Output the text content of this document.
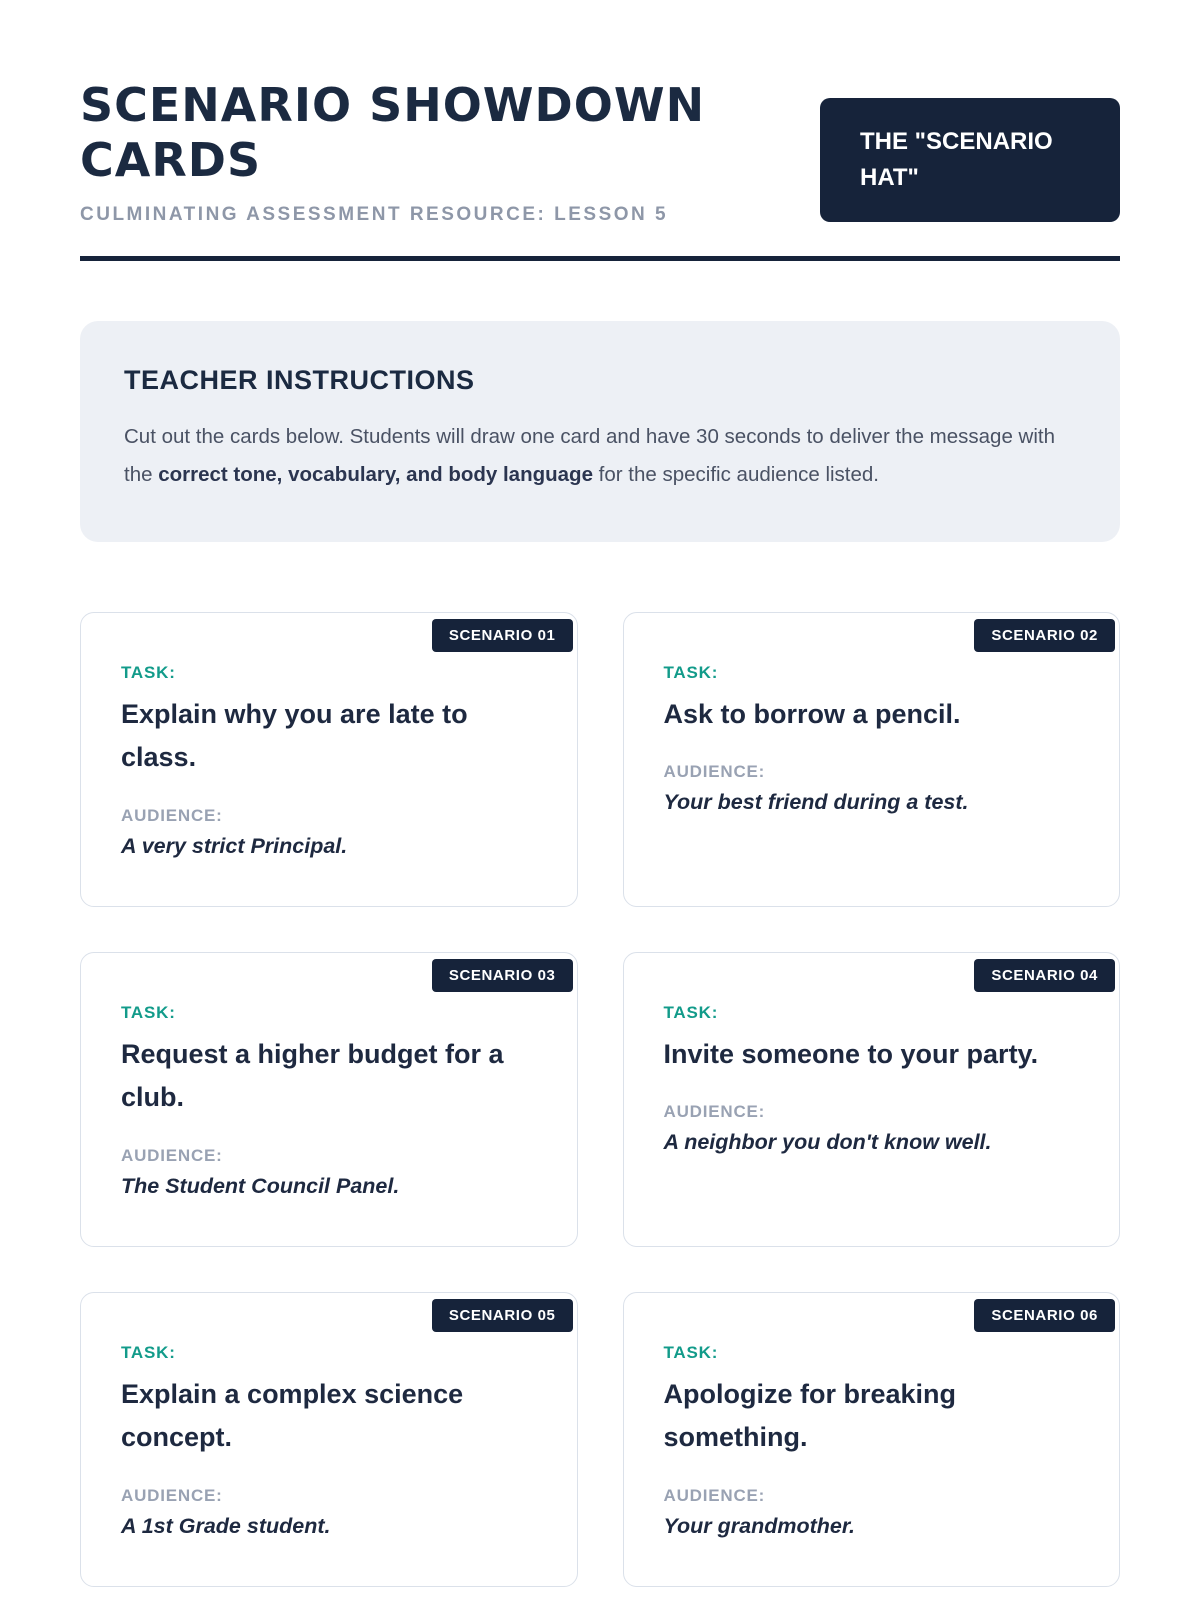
SCENARIO SHOWDOWN
CARDS
CULMINATING ASSESSMENT RESOURCE: LESSON 5
THE "SCENARIO HAT"
TEACHER INSTRUCTIONS

Cut out the cards below. Students will draw one card and have 30 seconds to deliver the message with the correct tone, vocabulary, and body language for the specific audience listed.

SCENARIO 01
TASK:
Explain why you are late to class.
AUDIENCE:
A very strict Principal.
SCENARIO 02
TASK:
Ask to borrow a pencil.
AUDIENCE:
Your best friend during a test.
SCENARIO 03
TASK:
Request a higher budget for a club.
AUDIENCE:
The Student Council Panel.
SCENARIO 04
TASK:
Invite someone to your party.
AUDIENCE:
A neighbor you don't know well.
SCENARIO 05
TASK:
Explain a complex science concept.
AUDIENCE:
A 1st Grade student.
SCENARIO 06
TASK:
Apologize for breaking something.
AUDIENCE:
Your grandmother.
